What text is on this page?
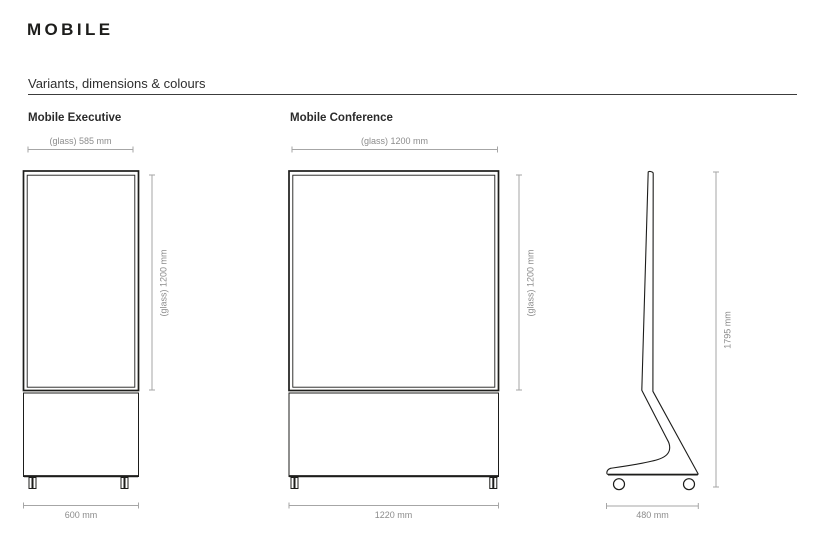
MOBILE
Variants, dimensions & colours
Mobile Executive	Mobile Conference
(glass) 585 mm
(glass) 1200 mm
600 mm
(glass) 1200 mm
(glass) 1200 mm
1220 mm
1795 mm
480 mm
